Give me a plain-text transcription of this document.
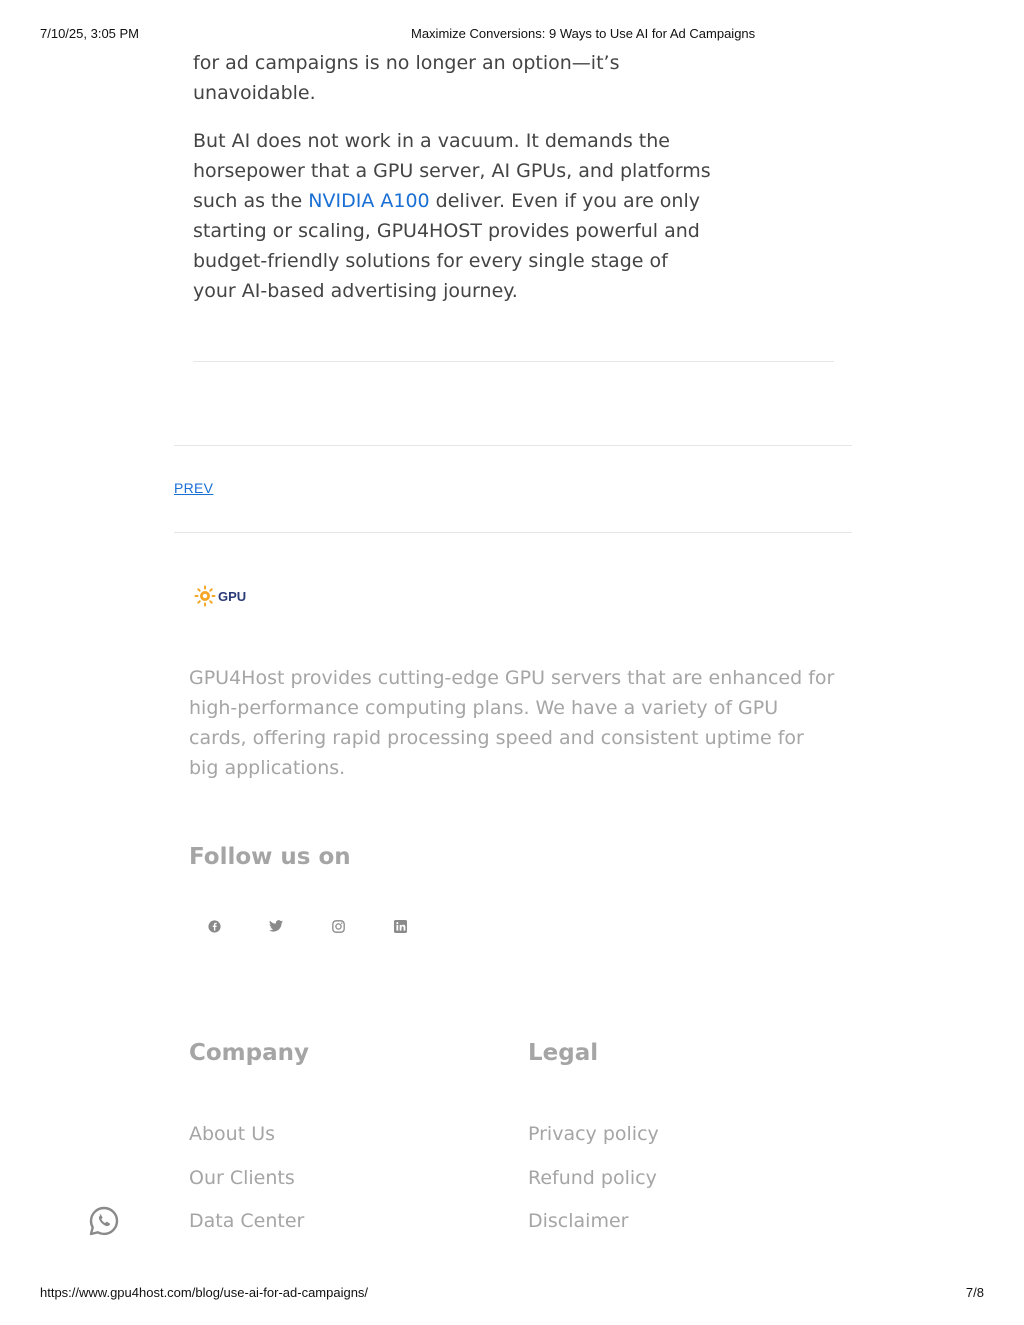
7/10/25, 3:05 PM	Maximize Conversions: 9 Ways to Use AI for Ad Campaigns

for ad campaigns is no longer an option—it’s unavoidable.

But AI does not work in a vacuum. It demands the horsepower that a GPU server, AI GPUs, and platforms such as the NVIDIA A100 deliver. Even if you are only starting or scaling, GPU4HOST provides powerful and budget-friendly solutions for every single stage of your AI-based advertising journey.

PREV
GPU
GPU4Host provides cutting-edge GPU servers that are enhanced for high-performance computing plans. We have a variety of GPU cards, offering rapid processing speed and consistent uptime for big applications.
Follow us on
Company
About Us
Our Clients
Data Center
Legal
Privacy policy
Refund policy
Disclaimer
https://www.gpu4host.com/blog/use-ai-for-ad-campaigns/	7/8
